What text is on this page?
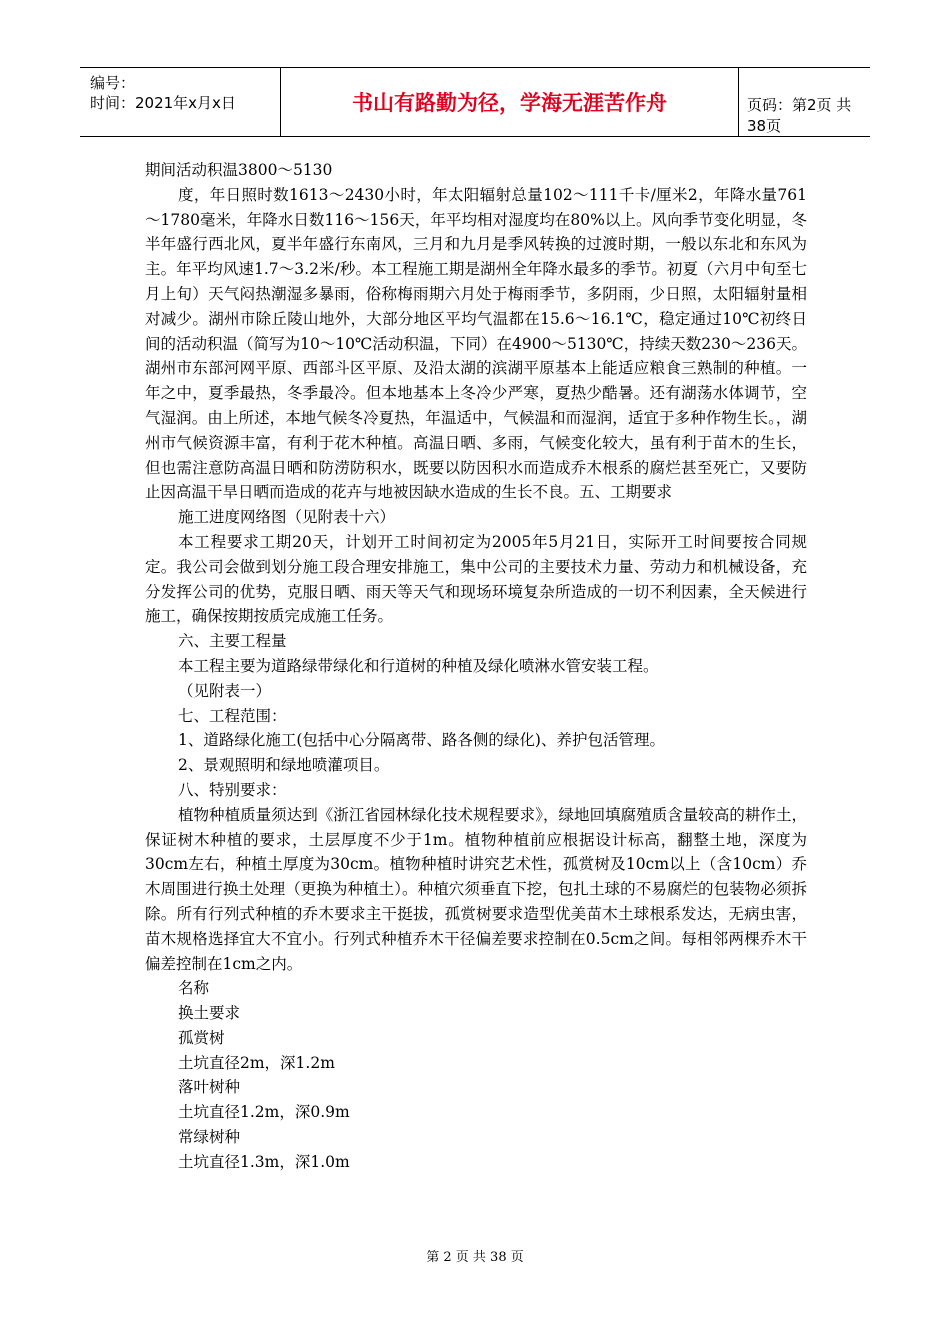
编号：
时间：2021年x月x日	书山有路勤为径，学海无涯苦作舟	页码：第2页 共38页

期间活动积温3800～5130

度，年日照时数1613～2430小时，年太阳辐射总量102～111千卡/厘米2，年降水量761～1780毫米，年降水日数116～156天，年平均相对湿度均在80%以上。风向季节变化明显，冬半年盛行西北风，夏半年盛行东南风，三月和九月是季风转换的过渡时期，一般以东北和东风为主。年平均风速1.7～3.2米/秒。本工程施工期是湖州全年降水最多的季节。初夏（六月中旬至七月上旬）天气闷热潮湿多暴雨，俗称梅雨期六月处于梅雨季节，多阴雨，少日照，太阳辐射量相对减少。湖州市除丘陵山地外，大部分地区平均气温都在15.6～16.1℃，稳定通过10℃初终日间的活动积温（简写为10～10℃活动积温，下同）在4900～5130℃，持续天数230～236天。湖州市东部河网平原、西部斗区平原、及沿太湖的滨湖平原基本上能适应粮食三熟制的种植。一年之中，夏季最热，冬季最冷。但本地基本上冬冷少严寒，夏热少酷暑。还有湖荡水体调节，空气湿润。由上所述，本地气候冬冷夏热，年温适中，气候温和而湿润，适宜于多种作物生长。，湖州市气候资源丰富，有利于花木种植。高温日晒、多雨，气候变化较大，虽有利于苗木的生长，但也需注意防高温日晒和防涝防积水，既要以防因积水而造成乔木根系的腐烂甚至死亡，又要防止因高温干旱日晒而造成的花卉与地被因缺水造成的生长不良。五、工期要求

施工进度网络图（见附表十六）

本工程要求工期20天，计划开工时间初定为2005年5月21日，实际开工时间要按合同规定。我公司会做到划分施工段合理安排施工，集中公司的主要技术力量、劳动力和机械设备，充分发挥公司的优势，克服日晒、雨天等天气和现场环境复杂所造成的一切不利因素，全天候进行施工，确保按期按质完成施工任务。

六、主要工程量

本工程主要为道路绿带绿化和行道树的种植及绿化喷淋水管安装工程。

（见附表一）

七、工程范围：

1、道路绿化施工(包括中心分隔离带、路各侧的绿化)、养护包活管理。

2、景观照明和绿地喷灌项目。

八、特别要求：

植物种植质量须达到《浙江省园林绿化技术规程要求》，绿地回填腐殖质含量较高的耕作土，保证树木种植的要求，土层厚度不少于1m。植物种植前应根据设计标高，翻整土地，深度为30cm左右，种植土厚度为30cm。植物种植时讲究艺术性，孤赏树及10cm以上（含10cm）乔木周围进行换土处理（更换为种植土）。种植穴须垂直下挖，包扎土球的不易腐烂的包装物必须拆除。所有行列式种植的乔木要求主干挺拔，孤赏树要求造型优美苗木土球根系发达，无病虫害，苗木规格选择宜大不宜小。行列式种植乔木干径偏差要求控制在0.5cm之间。每相邻两棵乔木干偏差控制在1cm之内。

名称

换土要求

孤赏树

土坑直径2m，深1.2m

落叶树种

土坑直径1.2m，深0.9m

常绿树种

土坑直径1.3m，深1.0m

第 2 页 共 38 页
